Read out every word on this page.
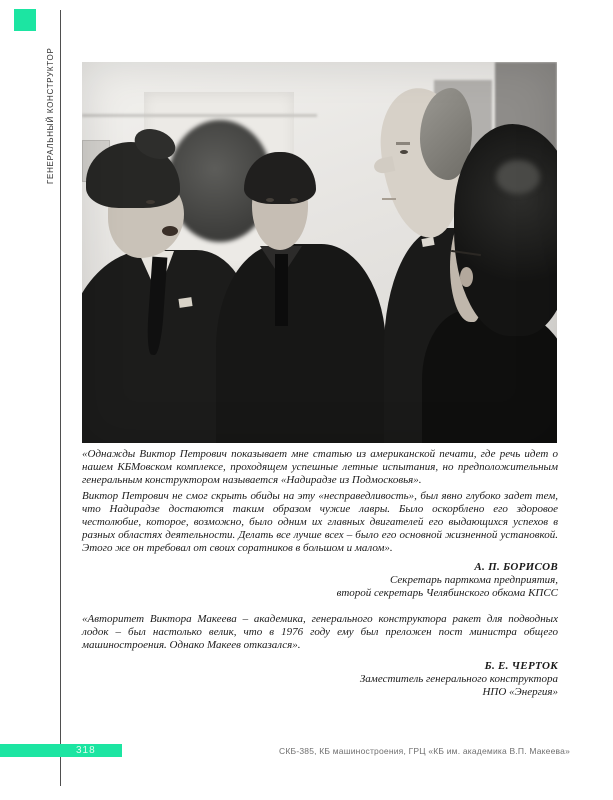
ГЕНЕРАЛЬНЫЙ КОНСТРУКТОР

«Однажды Виктор Петрович показывает мне статью из американской печати, где речь идет о нашем КБМовском комплексе, проходящем успешные летные испытания, но предположительным генеральным конструктором называется «Надирадзе из Подмосковья».

Виктор Петрович не смог скрыть обиды на эту «несправедливость», был явно глубоко задет тем, что Надирадзе достаются таким образом чужие лавры. Было оскорблено его здоровое честолюбие, которое, возможно, было одним их главных двигателей его выдающихся успехов в разных областях деятельности. Делать все лучше всех – было его основной жизненной установкой. Этого же он требовал от своих соратников в большом и малом».

А. П. БОРИСОВ
Секретарь парткома предприятия,
второй секретарь Челябинского обкома КПСС

«Авторитет Виктора Макеева – академика, генерального конструктора ракет для подводных лодок – был настолько велик, что в 1976 году ему был преложен пост министра общего машиностроения. Однако Макеев отказался».

Б. Е. ЧЕРТОК
Заместитель генерального конструктора
НПО «Энергия»
318	СКБ-385, КБ машиностроения, ГРЦ «КБ им. академика В.П. Макеева»
